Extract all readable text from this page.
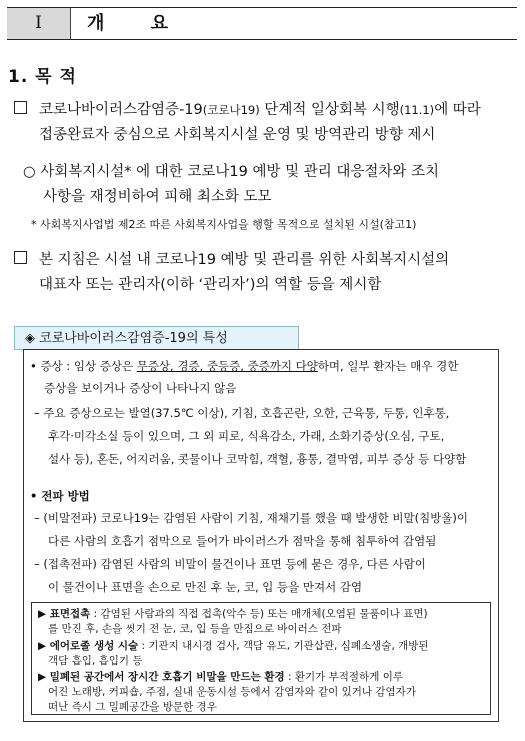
Ⅰ	개 요
1. 목 적
코로나바이러스감염증-19(코로나19) 단계적 일상회복 시행(11.1)에 따라
접종완료자 중심으로 사회복지시설 운영 및 방역관리 방향 제시
○ 사회복지시설* 에 대한 코로나19 예방 및 관리 대응절차와 조치
사항을 재정비하여 피해 최소화 도모
* 사회복지사업법 제2조 따른 사회복지사업을 행할 목적으로 설치된 시설(참고1)
본 지침은 시설 내 코로나19 예방 및 관리를 위한 사회복지시설의
대표자 또는 관리자(이하 ‘관리자’)의 역할 등을 제시함
◈ 코로나바이러스감염증-19의 특성
• 증상 : 임상 증상은 무증상, 경증, 중등증, 중증까지 다양하며, 일부 환자는 매우 경한
증상을 보이거나 증상이 나타나지 않음
– 주요 증상으로는 발열(37.5℃ 이상), 기침, 호흡곤란, 오한, 근육통, 두통, 인후통,
후각·미각소실 등이 있으며, 그 외 피로, 식욕감소, 가래, 소화기증상(오심, 구토,
설사 등), 혼돈, 어지러움, 콧물이나 코막힘, 객혈, 흉통, 결막염, 피부 증상 등 다양함
• 전파 방법
– (비말전파) 코로나19는 감염된 사람이 기침, 재채기를 했을 때 발생한 비말(침방울)이
다른 사람의 호흡기 점막으로 들어가 바이러스가 점막을 통해 침투하여 감염됨
– (접촉전파) 감염된 사람의 비말이 물건이나 표면 등에 묻은 경우, 다른 사람이
이 물건이나 표면을 손으로 만진 후 눈, 코, 입 등을 만져서 감염
▶ 표면접촉 : 감염된 사람과의 직접 접촉(악수 등) 또는 매개체(오염된 물품이나 표면)
를 만진 후, 손을 씻기 전 눈, 코, 입 등을 만짐으로 바이러스 전파
▶ 에어로졸 생성 시술 : 기관지 내시경 검사, 객담 유도, 기관삽관, 심폐소생술, 개방된
객담 흡입, 흡입기 등
▶ 밀폐된 공간에서 장시간 호흡기 비말을 만드는 환경 : 환기가 부적절하게 이루
어진 노래방, 커피숍, 주점, 실내 운동시설 등에서 감염자와 같이 있거나 감염자가
떠난 즉시 그 밀폐공간을 방문한 경우
